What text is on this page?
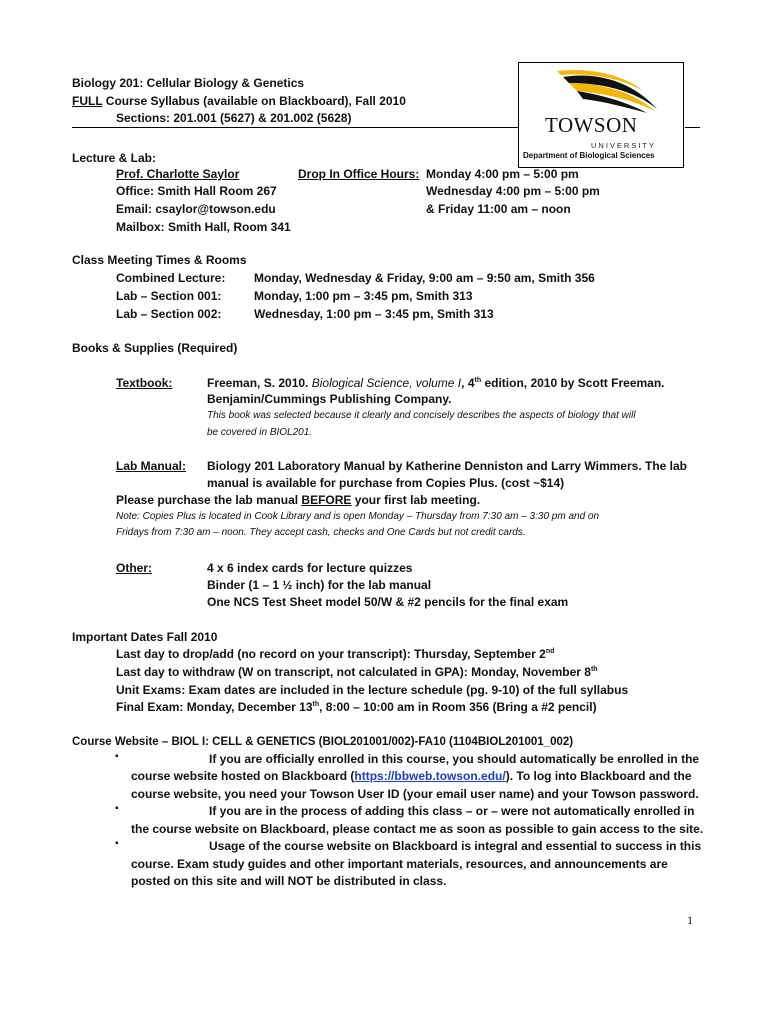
Biology 201: Cellular Biology & Genetics
FULL Course Syllabus (available on Blackboard), Fall 2010
Sections: 201.001 (5627) & 201.002 (5628)	TOWSON
UNIVERSITY
Department of Biological Sciences
Lecture & Lab:
Prof. Charlotte Saylor
Office: Smith Hall Room 267
Email: csaylor@towson.edu
Mailbox: Smith Hall, Room 341
Drop In Office Hours: Monday 4:00 pm – 5:00 pm
Wednesday 4:00 pm – 5:00 pm
& Friday 11:00 am – noon
Class Meeting Times & Rooms
Combined Lecture: Monday, Wednesday & Friday, 9:00 am – 9:50 am, Smith 356
Lab – Section 001:	Monday, 1:00 pm – 3:45 pm, Smith 313
Lab – Section 002:	Wednesday, 1:00 pm – 3:45 pm, Smith 313
Books & Supplies (Required)
Textbook:	Freeman, S. 2010. Biological Science, volume I, 4th edition, 2010 by Scott Freeman.
Benjamin/Cummings Publishing Company.
This book was selected because it clearly and concisely describes the aspects of biology that will
be covered in BIOL201.
Lab Manual: Biology 201 Laboratory Manual by Katherine Denniston and Larry Wimmers. The lab
manual is available for purchase from Copies Plus. (cost ~$14)
Please purchase the lab manual BEFORE your first lab meeting.
Note: Copies Plus is located in Cook Library and is open Monday – Thursday from 7:30 am – 3:30 pm and on
Fridays from 7:30 am – noon. They accept cash, checks and One Cards but not credit cards.
Other:	4 x 6 index cards for lecture quizzes
Binder (1 – 1 ½ inch) for the lab manual
One NCS Test Sheet model 50/W & #2 pencils for the final exam
Important Dates Fall 2010
Last day to drop/add (no record on your transcript): Thursday, September 2nd
Last day to withdraw (W on transcript, not calculated in GPA): Monday, November 8th
Unit Exams: Exam dates are included in the lecture schedule (pg. 9-10) of the full syllabus
Final Exam: Monday, December 13th, 8:00 – 10:00 am in Room 356 (Bring a #2 pencil)
Course Website – BIOL I: CELL & GENETICS (BIOL201001/002)-FA10 (1104BIOL201001_002)
▪	If you are officially enrolled in this course, you should automatically be enrolled in the
course website hosted on Blackboard (https://bbweb.towson.edu/). To log into Blackboard and the
course website, you need your Towson User ID (your email user name) and your Towson password.
▪	If you are in the process of adding this class – or – were not automatically enrolled in
the course website on Blackboard, please contact me as soon as possible to gain access to the site.
▪	Usage of the course website on Blackboard is integral and essential to success in this
course. Exam study guides and other important materials, resources, and announcements are
posted on this site and will NOT be distributed in class.
1
